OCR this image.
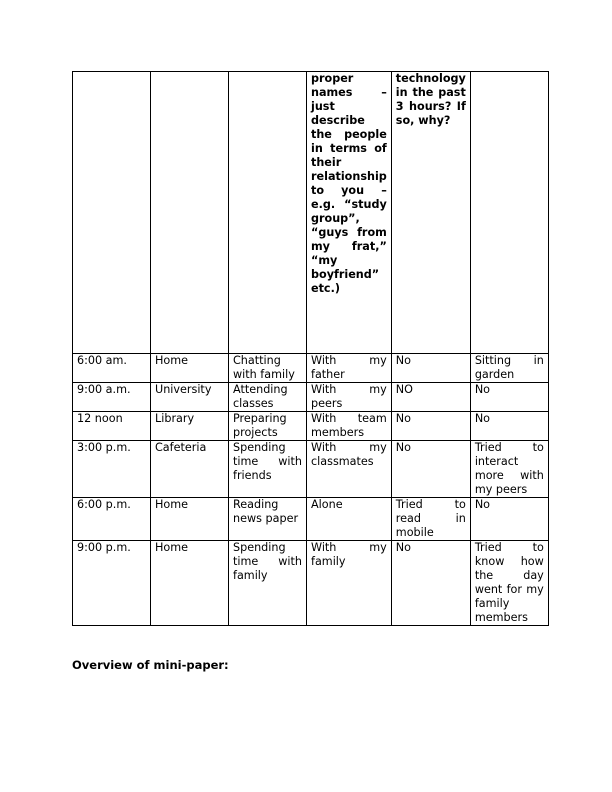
			proper names – just describe the people in terms of their relationship to you – e.g. “study group”, “guys from my frat,” “my boyfriend” etc.)	technology in the past 3 hours? If so, why?	
6:00 am.	Home	Chatting with family	With my father	No	Sitting in garden
9:00 a.m.	University	Attending classes	With my peers	NO	No
12 noon	Library	Preparing projects	With team members	No	No
3:00 p.m.	Cafeteria	Spending time with friends	With my classmates	No	Tried to interact more with my peers
6:00 p.m.	Home	Reading news paper	Alone	Tried to read in mobile	No
9:00 p.m.	Home	Spending time with family	With my family	No	Tried to know how the day went for my family members
Overview of mini-paper:
